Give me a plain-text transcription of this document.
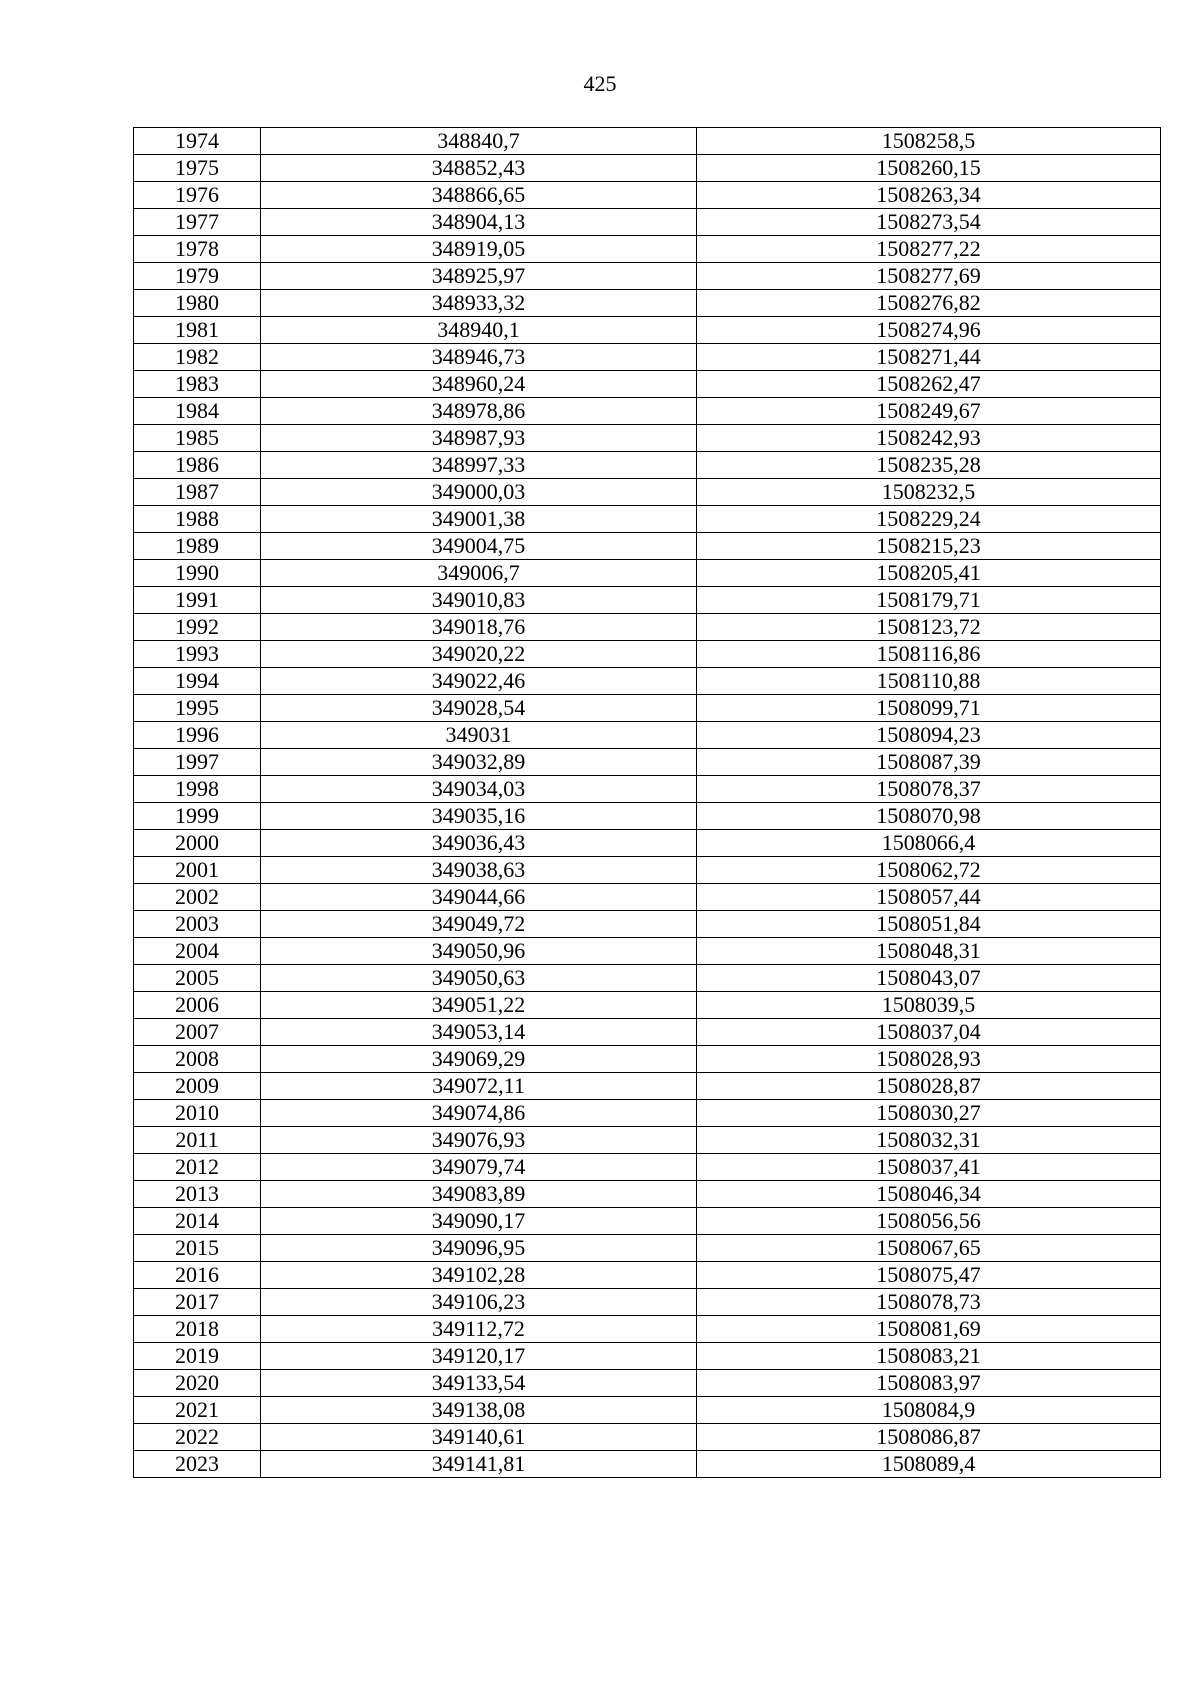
425
1974	348840,7	1508258,5
1975	348852,43	1508260,15
1976	348866,65	1508263,34
1977	348904,13	1508273,54
1978	348919,05	1508277,22
1979	348925,97	1508277,69
1980	348933,32	1508276,82
1981	348940,1	1508274,96
1982	348946,73	1508271,44
1983	348960,24	1508262,47
1984	348978,86	1508249,67
1985	348987,93	1508242,93
1986	348997,33	1508235,28
1987	349000,03	1508232,5
1988	349001,38	1508229,24
1989	349004,75	1508215,23
1990	349006,7	1508205,41
1991	349010,83	1508179,71
1992	349018,76	1508123,72
1993	349020,22	1508116,86
1994	349022,46	1508110,88
1995	349028,54	1508099,71
1996	349031	1508094,23
1997	349032,89	1508087,39
1998	349034,03	1508078,37
1999	349035,16	1508070,98
2000	349036,43	1508066,4
2001	349038,63	1508062,72
2002	349044,66	1508057,44
2003	349049,72	1508051,84
2004	349050,96	1508048,31
2005	349050,63	1508043,07
2006	349051,22	1508039,5
2007	349053,14	1508037,04
2008	349069,29	1508028,93
2009	349072,11	1508028,87
2010	349074,86	1508030,27
2011	349076,93	1508032,31
2012	349079,74	1508037,41
2013	349083,89	1508046,34
2014	349090,17	1508056,56
2015	349096,95	1508067,65
2016	349102,28	1508075,47
2017	349106,23	1508078,73
2018	349112,72	1508081,69
2019	349120,17	1508083,21
2020	349133,54	1508083,97
2021	349138,08	1508084,9
2022	349140,61	1508086,87
2023	349141,81	1508089,4
